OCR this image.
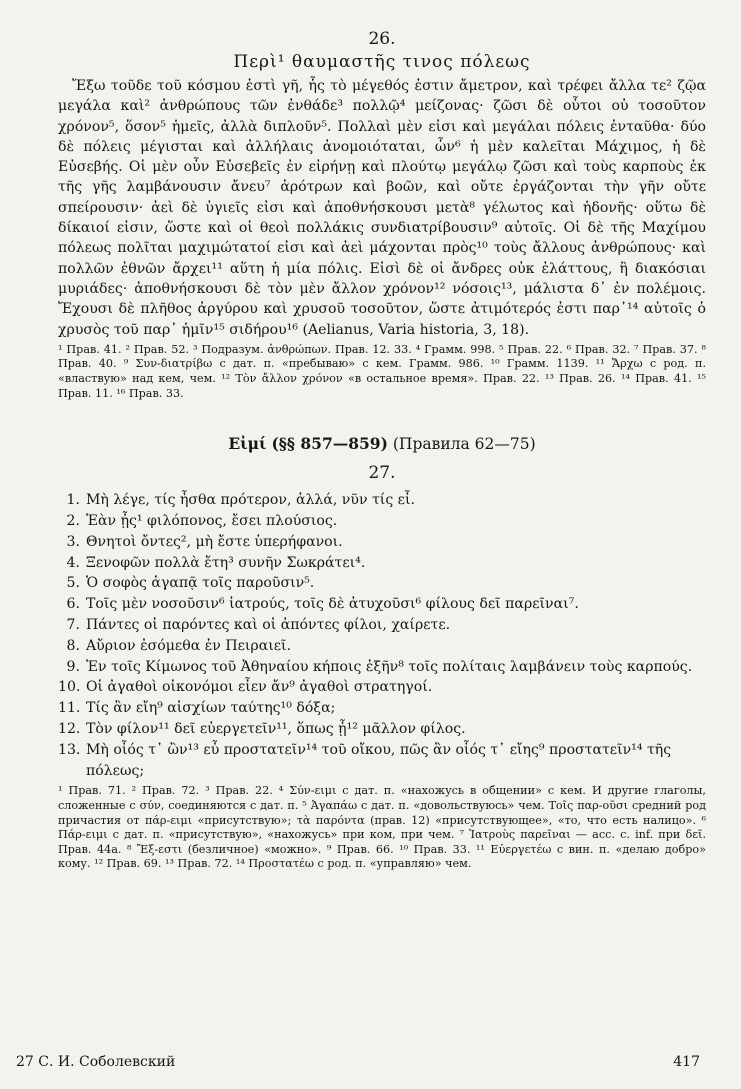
26.
Περὶ¹ θαυμαστῆς τινος πόλεως

Ἔξω τοῦδε τοῦ κόσμου ἐστὶ γῆ, ἧς τὸ μέγεθός ἐστιν ἄμετρον, καὶ τρέφει ἄλλα τε² ζῷα μεγάλα καὶ² ἀνθρώπους τῶν ἐνθάδε³ πολλῷ⁴ μείζονας· ζῶσι δὲ οὗτοι οὐ τοσοῦτον χρόνον⁵, ὅσον⁵ ἡμεῖς, ἀλλὰ διπλοῦν⁵. Πολλαὶ μὲν εἰσι καὶ μεγάλαι πόλεις ἐνταῦθα· δύο δὲ πόλεις μέγισται καὶ ἀλλήλαις ἀνομοιόταται, ὧν⁶ ἡ μὲν καλεῖται Μάχιμος, ἡ δὲ Εὐσεβής. Οἱ μὲν οὖν Εὐσεβεῖς ἐν εἰρήνῃ καὶ πλούτῳ μεγάλῳ ζῶσι καὶ τοὺς καρποὺς ἐκ τῆς γῆς λαμβάνουσιν ἄνευ⁷ ἀρότρων καὶ βοῶν, καὶ οὔτε ἐργάζονται τὴν γῆν οὔτε σπείρουσιν· ἀεὶ δὲ ὑγιεῖς εἰσι καὶ ἀποθνήσκουσι μετὰ⁸ γέλωτος καὶ ἡδονῆς· οὕτω δὲ δίκαιοί εἰσιν, ὥστε καὶ οἱ θεοὶ πολλάκις συνδιατρίβουσιν⁹ αὐτοῖς. Οἱ δὲ τῆς Μαχίμου πόλεως πολῖται μαχιμώτατοί εἰσι καὶ ἀεὶ μάχονται πρὸς¹⁰ τοὺς ἄλλους ἀνθρώπους· καὶ πολλῶν ἐθνῶν ἄρχει¹¹ αὕτη ἡ μία πόλις. Εἰσὶ δὲ οἱ ἄνδρες οὐκ ἐλάττους, ἢ διακόσιαι μυριάδες· ἀποθνήσκουσι δὲ τὸν μὲν ἄλλον χρόνον¹² νόσοις¹³, μάλιστα δ᾽ ἐν πολέμοις. Ἔχουσι δὲ πλῆθος ἀργύρου καὶ χρυσοῦ τοσοῦτον, ὥστε ἀτιμότερός ἐστι παρ᾽¹⁴ αὐτοῖς ὁ χρυσὸς τοῦ παρ᾽ ἡμῖν¹⁵ σιδήρου¹⁶ (Aelianus, Varia historia, 3, 18).

¹ Прав. 41. ² Прав. 52. ³ Подразум. ἀνθρώπων. Прав. 12. 33. ⁴ Грамм. 998. ⁵ Прав. 22. ⁶ Прав. 32. ⁷ Прав. 37. ⁸ Прав. 40. ⁹ Συν-διατρίβω с дат. п. «пребываю» с кем. Грамм. 986. ¹⁰ Грамм. 1139. ¹¹ Ἄρχω с род. п. «властвую» над кем, чем. ¹² Τὸν ἄλλον χρόνον «в остальное время». Прав. 22. ¹³ Прав. 26. ¹⁴ Прав. 41. ¹⁵ Прав. 11. ¹⁶ Прав. 33.

Εἰμί (§§ 857—859) (Правила 62—75)
27.
1. Μὴ λέγε, τίς ἦσθα πρότερον, ἀλλά, νῦν τίς εἶ.
2. Ἐὰν ᾖς¹ φιλόπονος, ἔσει πλούσιος.
3. Θνητοὶ ὄντες², μὴ ἔστε ὑπερήφανοι.
4. Ξενοφῶν πολλὰ ἔτη³ συνῆν Σωκράτει⁴.
5. Ὁ σοφὸς ἀγαπᾷ τοῖς παροῦσιν⁵.
6. Τοῖς μὲν νοσοῦσιν⁶ ἰατρούς, τοῖς δὲ ἀτυχοῦσι⁶ φίλους δεῖ παρεῖναι⁷.
7. Πάντες οἱ παρόντες καὶ οἱ ἀπόντες φίλοι, χαίρετε.
8. Αὔριον ἐσόμεθα ἐν Πειραιεῖ.
9. Ἐν τοῖς Κίμωνος τοῦ Ἀθηναίου κήποις ἐξῆν⁸ τοῖς πολίταις λαμβάνειν τοὺς καρπούς.
10. Οἱ ἀγαθοὶ οἰκονόμοι εἶεν ἄν⁹ ἀγαθοὶ στρατηγοί.
11. Τίς ἂν εἴη⁹ αἰσχίων ταύτης¹⁰ δόξα;
12. Τὸν φίλον¹¹ δεῖ εὐεργετεῖν¹¹, ὅπως ᾖ¹² μᾶλλον φίλος.
13. Μὴ οἷός τ᾽ ὢν¹³ εὖ προστατεῖν¹⁴ τοῦ οἴκου, πῶς ἂν οἷός τ᾽ εἴης⁹ προστατεῖν¹⁴ τῆς πόλεως;

¹ Прав. 71. ² Прав. 72. ³ Прав. 22. ⁴ Σύν-ειμι с дат. п. «нахожусь в общении» с кем. И другие глаголы, сложенные с σύν, соединяются с дат. п. ⁵ Ἀγαπάω с дат. п. «довольствуюсь» чем. Τοῖς παρ-οῦσι средний род причастия от πάρ-ειμι «присутствую»; τὰ παρόντα (прав. 12) «присутствующее», «то, что есть налицо». ⁶ Πάρ-ειμι с дат. п. «присутствую», «нахожусь» при ком, при чем. ⁷ Ἰατροὺς παρεῖναι — acc. c. inf. при δεῖ. Прав. 44а. ⁸ Ἔξ-εστι (безличное) «можно». ⁹ Прав. 66. ¹⁰ Прав. 33. ¹¹ Εὐεργετέω с вин. п. «делаю добро» кому. ¹² Прав. 69. ¹³ Прав. 72. ¹⁴ Προστατέω с род. п. «управляю» чем.

27 С. И. Соболевский	417
